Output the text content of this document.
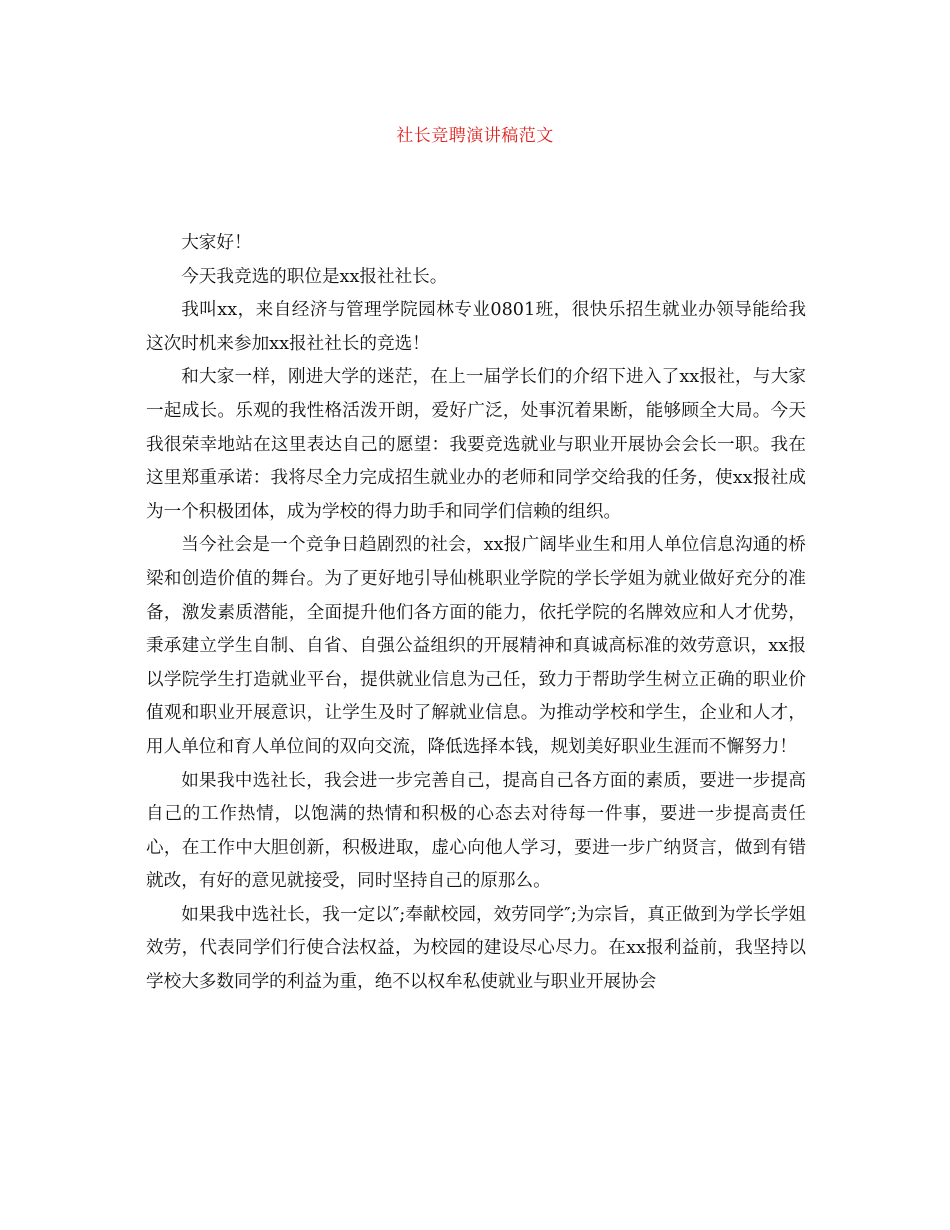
社长竞聘演讲稿范文

大家好！

今天我竞选的职位是xx报社社长。

我叫xx，来自经济与管理学院园林专业0801班，很快乐招生就业办领导能给我这次时机来参加xx报社社长的竞选！

和大家一样，刚进大学的迷茫，在上一届学长们的介绍下进入了xx报社，与大家一起成长。乐观的我性格活泼开朗，爱好广泛，处事沉着果断，能够顾全大局。今天我很荣幸地站在这里表达自己的愿望：我要竞选就业与职业开展协会会长一职。我在这里郑重承诺：我将尽全力完成招生就业办的老师和同学交给我的任务，使xx报社成为一个积极团体，成为学校的得力助手和同学们信赖的组织。

当今社会是一个竞争日趋剧烈的社会，xx报广阔毕业生和用人单位信息沟通的桥梁和创造价值的舞台。为了更好地引导仙桃职业学院的学长学姐为就业做好充分的准备，激发素质潜能，全面提升他们各方面的能力，依托学院的名牌效应和人才优势，秉承建立学生自制、自省、自强公益组织的开展精神和真诚高标准的效劳意识，xx报以学院学生打造就业平台，提供就业信息为己任，致力于帮助学生树立正确的职业价值观和职业开展意识，让学生及时了解就业信息。为推动学校和学生，企业和人才，用人单位和育人单位间的双向交流，降低选择本钱，规划美好职业生涯而不懈努力！

如果我中选社长，我会进一步完善自己，提高自己各方面的素质，要进一步提高自己的工作热情，以饱满的热情和积极的心态去对待每一件事，要进一步提高责任心，在工作中大胆创新，积极进取，虚心向他人学习，要进一步广纳贤言，做到有错就改，有好的意见就接受，同时坚持自己的原那么。

如果我中选社长，我一定以″;奉献校园，效劳同学″;为宗旨，真正做到为学长学姐效劳，代表同学们行使合法权益，为校园的建设尽心尽力。在xx报利益前，我坚持以学校大多数同学的利益为重，绝不以权牟私使就业与职业开展协会
